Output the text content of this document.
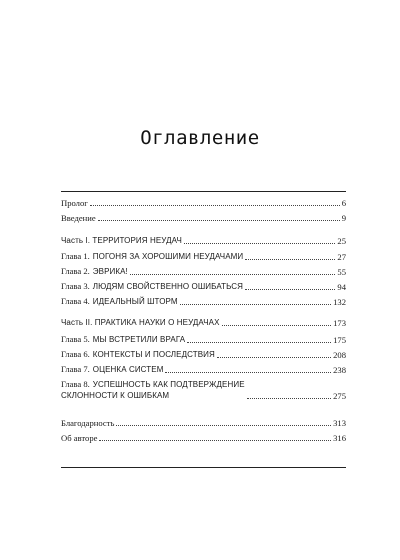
Оглавление
Пролог	6
Введение	9
Часть I. ТЕРРИТОРИЯ НЕУДАЧ	25
Глава 1. ПОГОНЯ ЗА ХОРОШИМИ НЕУДАЧАМИ	27
Глава 2. ЭВРИКА!	55
Глава 3. ЛЮДЯМ СВОЙСТВЕННО ОШИБАТЬСЯ	94
Глава 4. ИДЕАЛЬНЫЙ ШТОРМ	132
Часть II. ПРАКТИКА НАУКИ О НЕУДАЧАХ	173
Глава 5. МЫ ВСТРЕТИЛИ ВРАГА	175
Глава 6. КОНТЕКСТЫ И ПОСЛЕДСТВИЯ	208
Глава 7. ОЦЕНКА СИСТЕМ	238
Глава 8. УСПЕШНОСТЬ КАК ПОДТВЕРЖДЕНИЕ
СКЛОННОСТИ К ОШИБКАМ	275
Благодарность	313
Об авторе	316
